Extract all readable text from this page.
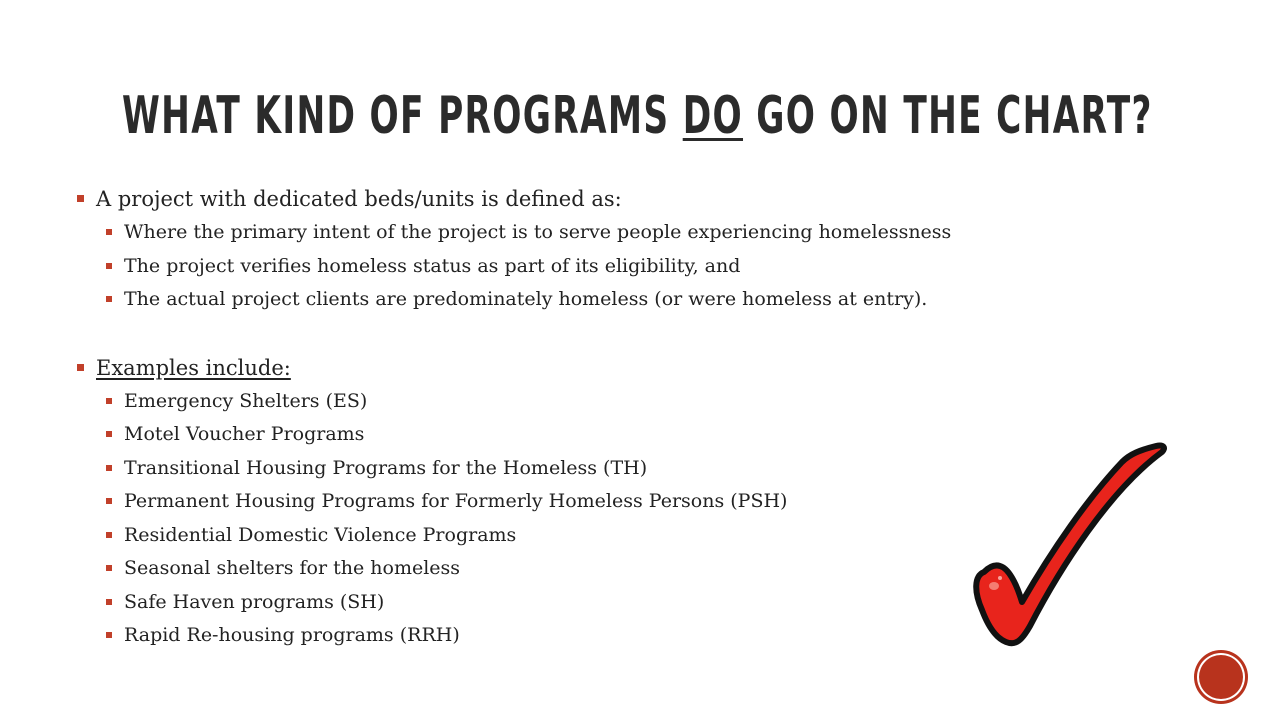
WHAT KIND OF PROGRAMS DO GO ON THE CHART?
A project with dedicated beds/units is defined as:
Where the primary intent of the project is to serve people experiencing homelessness
The project verifies homeless status as part of its eligibility, and
The actual project clients are predominately homeless (or were homeless at entry).
Examples include:
Emergency Shelters (ES)
Motel Voucher Programs
Transitional Housing Programs for the Homeless (TH)
Permanent Housing Programs for Formerly Homeless Persons (PSH)
Residential Domestic Violence Programs
Seasonal shelters for the homeless
Safe Haven programs (SH)
Rapid Re-housing programs (RRH)
